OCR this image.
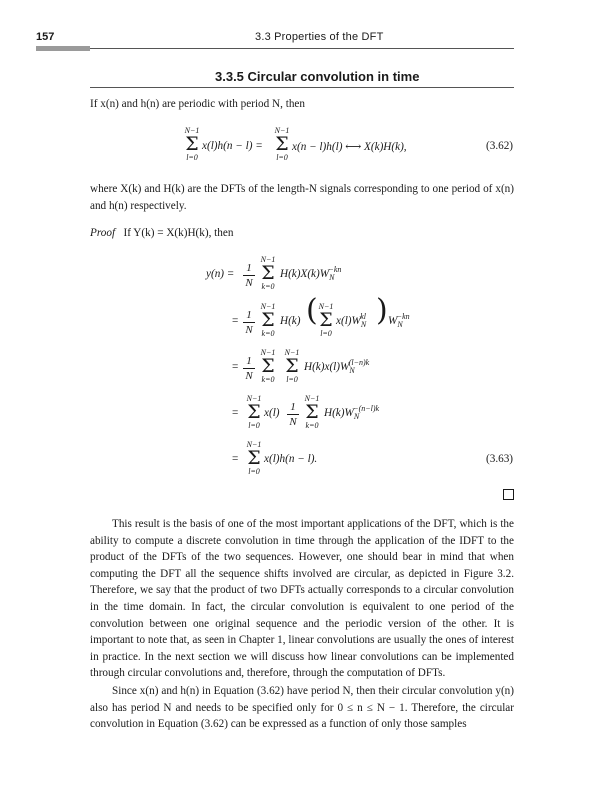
157	3.3 Properties of the DFT
3.3.5 Circular convolution in time
If x(n) and h(n) are periodic with period N, then
N−1
Σ
l=0
x(l)h(n − l) =
N−1
Σ
l=0
x(n − l)h(l) ⟷ X(k)H(k),	(3.62)
where X(k) and H(k) are the DFTs of the length-N signals corresponding to one period of x(n) and h(n) respectively.
Proof If Y(k) = X(k)H(k), then
y(n) =	1
N
N−1
Σ
k=0
$H(k)X(k)W_N^{-kn}$
= 1
N
N−1
Σ
k=0
H(k) ( N−1
Σ
l=0
$x(l)W_N^{kl}$ ) $W_N^{-kn}$
= 1
N
N−1
Σ
k=0
N−1
Σ
l=0
$H(k)x(l)W_N^{(l-n)k}$
=
N−1
Σ
l=0
x(l) 1
N
N−1
Σ
k=0
$H(k)W_N^{-(n-l)k}$
=
N−1
Σ
l=0
x(l)h(n − l).	(3.63)
This result is the basis of one of the most important applications of the DFT, which is the ability to compute a discrete convolution in time through the application of the IDFT to the product of the DFTs of the two sequences. However, one should bear in mind that when computing the DFT all the sequence shifts involved are circular, as depicted in Figure 3.2. Therefore, we say that the product of two DFTs actually corresponds to a circular convolution in the time domain. In fact, the circular convolution is equivalent to one period of the convolution between one original sequence and the periodic version of the other. It is important to note that, as seen in Chapter 1, linear convolutions are usually the ones of interest in practice. In the next section we will discuss how linear convolutions can be implemented through circular convolutions and, therefore, through the computation of DFTs.
Since x(n) and h(n) in Equation (3.62) have period N, then their circular convolution y(n) also has period N and needs to be specified only for 0 ≤ n ≤ N − 1. Therefore, the circular convolution in Equation (3.62) can be expressed as a function of only those samples
